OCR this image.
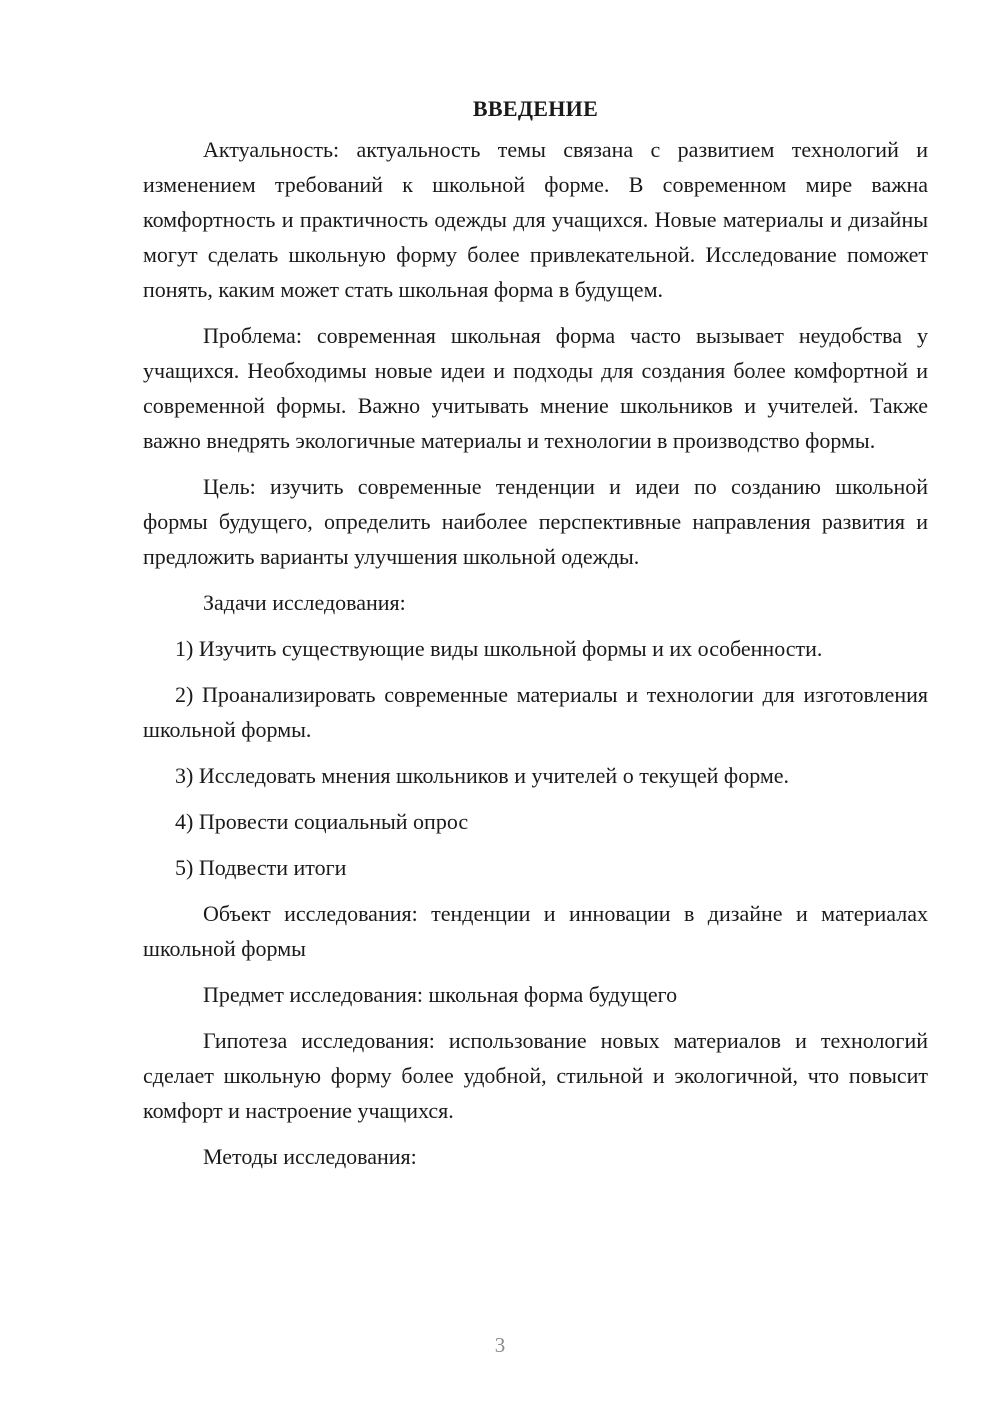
ВВЕДЕНИЕ

Актуальность: актуальность темы связана с развитием технологий и изменением требований к школьной форме. В современном мире важна комфортность и практичность одежды для учащихся. Новые материалы и дизайны могут сделать школьную форму более привлекательной. Исследование поможет понять, каким может стать школьная форма в будущем.

Проблема: современная школьная форма часто вызывает неудобства у учащихся. Необходимы новые идеи и подходы для создания более комфортной и современной формы. Важно учитывать мнение школьников и учителей. Также важно внедрять экологичные материалы и технологии в производство формы.

Цель: изучить современные тенденции и идеи по созданию школьной формы будущего, определить наиболее перспективные направления развития и предложить варианты улучшения школьной одежды.

Задачи исследования:

1) Изучить существующие виды школьной формы и их особенности.

2) Проанализировать современные материалы и технологии для изготовления школьной формы.

3) Исследовать мнения школьников и учителей о текущей форме.

4) Провести социальный опрос

5) Подвести итоги

Объект исследования: тенденции и инновации в дизайне и материалах школьной формы

Предмет исследования: школьная форма будущего

Гипотеза исследования: использование новых материалов и технологий сделает школьную форму более удобной, стильной и экологичной, что повысит комфорт и настроение учащихся.

Методы исследования:

3
